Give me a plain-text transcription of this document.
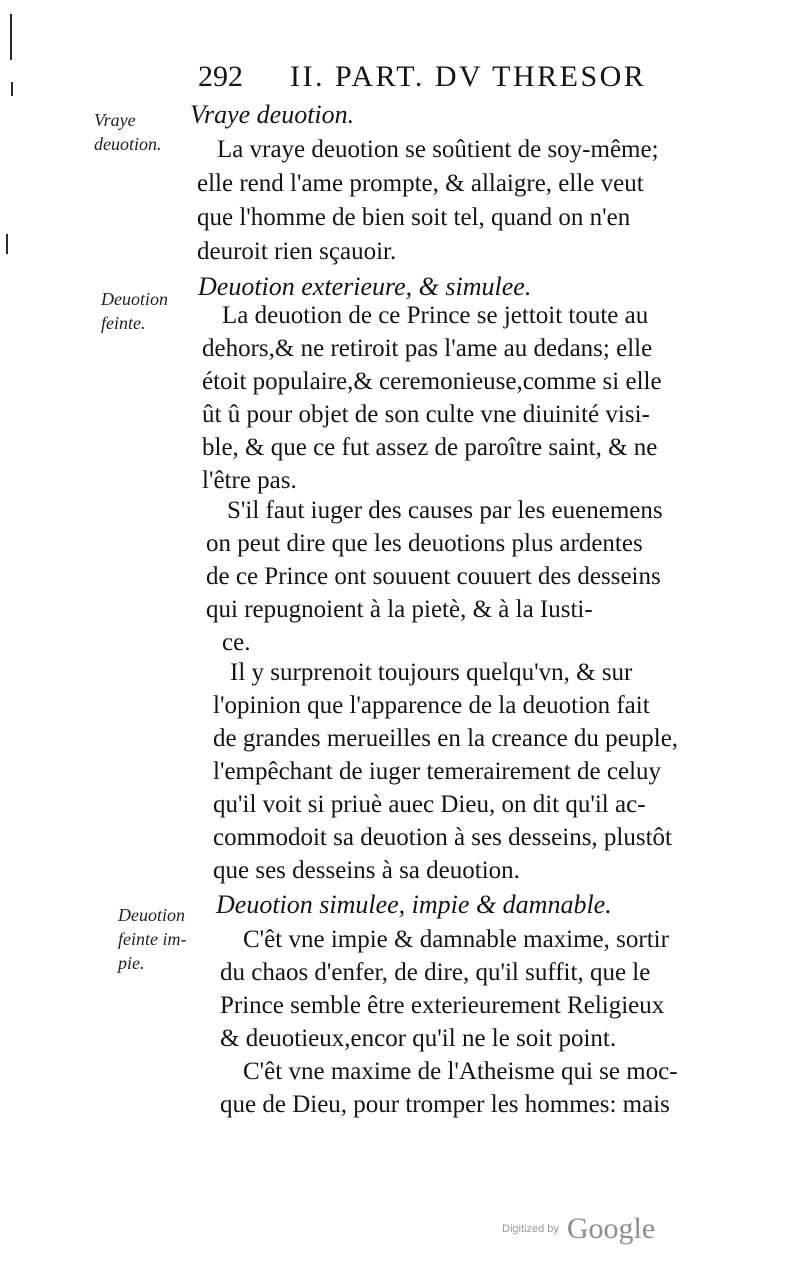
292 II. PART. DV THRESOR
Vraye
deuotion.
Vraye deuotion.
La vraye deuotion se soûtient de soy-même;
elle rend l'ame prompte, & allaigre, elle veut
que l'homme de bien soit tel, quand on n'en
deuroit rien sçauoir.
Deuotion
feinte.
Deuotion exterieure, & simulee.
La deuotion de ce Prince se jettoit toute au
dehors,& ne retiroit pas l'ame au dedans; elle
étoit populaire,& ceremonieuse,comme si elle
ût û pour objet de son culte vne diuinité visi-
ble, & que ce fut assez de paroître saint, & ne
l'être pas.
S'il faut iuger des causes par les euenemens
on peut dire que les deuotions plus ardentes
de ce Prince ont souuent couuert des desseins
qui repugnoient à la pietè, & à la Iusti-
ce.
Il y surprenoit toujours quelqu'vn, & sur
l'opinion que l'apparence de la deuotion fait
de grandes merueilles en la creance du peuple,
l'empêchant de iuger temerairement de celuy
qu'il voit si priuè auec Dieu, on dit qu'il ac-
commodoit sa deuotion à ses desseins, plustôt
que ses desseins à sa deuotion.
Deuotion
feinte im-
pie.
Deuotion simulee, impie & damnable.
C'êt vne impie & damnable maxime, sortir
du chaos d'enfer, de dire, qu'il suffit, que le
Prince semble être exterieurement Religieux
& deuotieux,encor qu'il ne le soit point.
C'êt vne maxime de l'Atheisme qui se moc-
que de Dieu, pour tromper les hommes: mais
Digitized by Google
